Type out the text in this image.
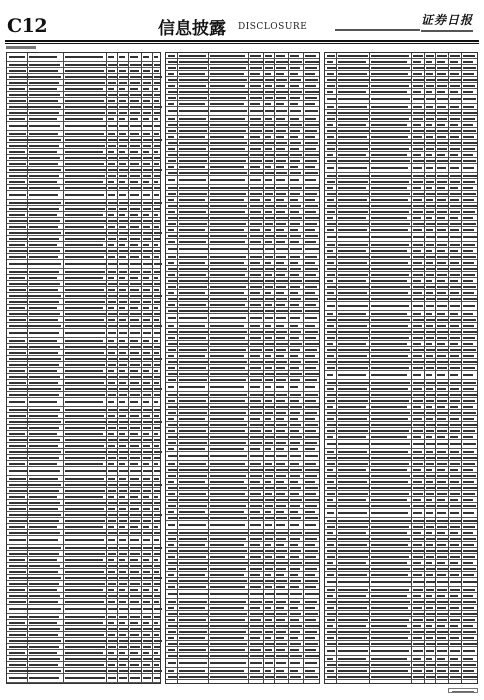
C12	信息披露 DISCLOSURE	证券日报
